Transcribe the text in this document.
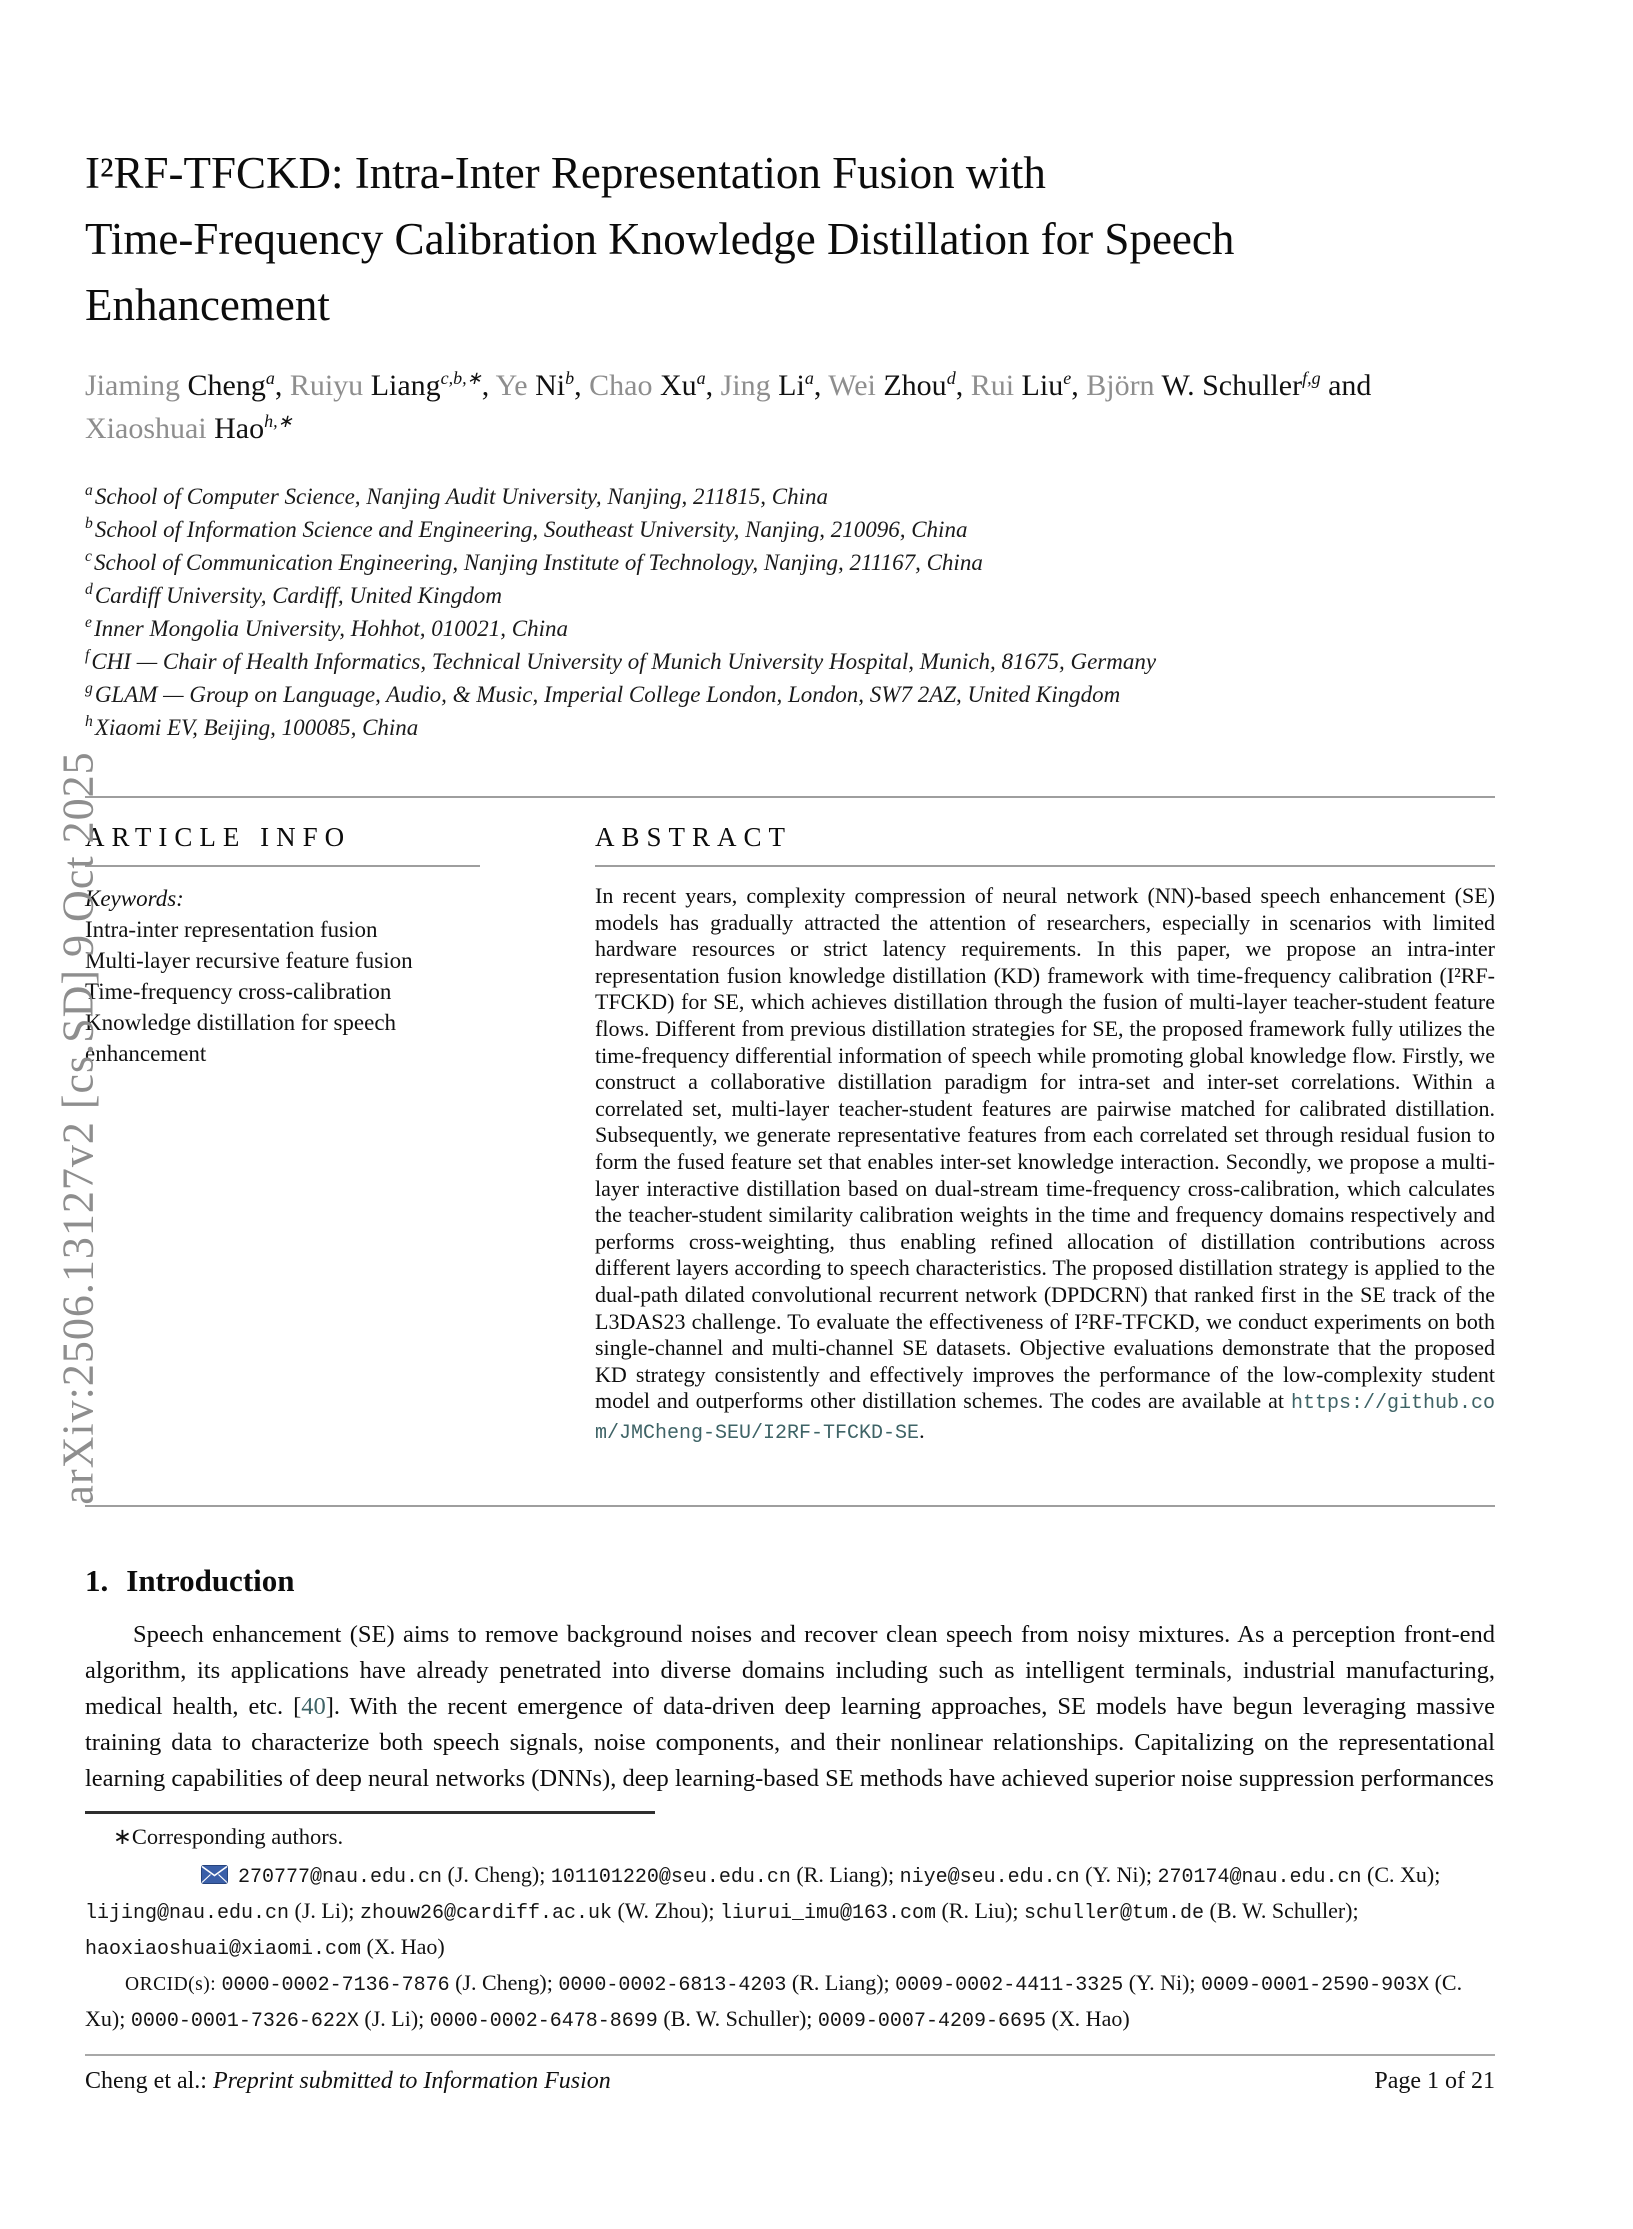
arXiv:2506.13127v2 [cs.SD] 9 Oct 2025
I²RF-TFCKD: Intra-Inter Representation Fusion with
Time-Frequency Calibration Knowledge Distillation for Speech
Enhancement

Jiaming Cheng$^a$, Ruiyu Liang$^{c,b,∗}$, Ye Ni$^b$, Chao Xu$^a$, Jing Li$^a$, Wei Zhou$^d$, Rui Liu$^e$, Björn W. Schuller$^{f,g}$ and Xiaoshuai Hao$^{h,∗}$

$^a$School of Computer Science, Nanjing Audit University, Nanjing, 211815, China
$^b$School of Information Science and Engineering, Southeast University, Nanjing, 210096, China
$^c$School of Communication Engineering, Nanjing Institute of Technology, Nanjing, 211167, China
$^d$Cardiff University, Cardiff, United Kingdom
$^e$Inner Mongolia University, Hohhot, 010021, China
$^f$CHI — Chair of Health Informatics, Technical University of Munich University Hospital, Munich, 81675, Germany
$^g$GLAM — Group on Language, Audio, & Music, Imperial College London, London, SW7 2AZ, United Kingdom
$^h$Xiaomi EV, Beijing, 100085, China
ARTICLE INFO
Keywords:
Intra-inter representation fusion
Multi-layer recursive feature fusion
Time-frequency cross-calibration
Knowledge distillation for speech enhancement
ABSTRACT

In recent years, complexity compression of neural network (NN)-based speech enhancement (SE) models has gradually attracted the attention of researchers, especially in scenarios with limited hardware resources or strict latency requirements. In this paper, we propose an intra-inter representation fusion knowledge distillation (KD) framework with time-frequency calibration (I²RF-TFCKD) for SE, which achieves distillation through the fusion of multi-layer teacher-student feature flows. Different from previous distillation strategies for SE, the proposed framework fully utilizes the time-frequency differential information of speech while promoting global knowledge flow. Firstly, we construct a collaborative distillation paradigm for intra-set and inter-set correlations. Within a correlated set, multi-layer teacher-student features are pairwise matched for calibrated distillation. Subsequently, we generate representative features from each correlated set through residual fusion to form the fused feature set that enables inter-set knowledge interaction. Secondly, we propose a multi-layer interactive distillation based on dual-stream time-frequency cross-calibration, which calculates the teacher-student similarity calibration weights in the time and frequency domains respectively and performs cross-weighting, thus enabling refined allocation of distillation contributions across different layers according to speech characteristics. The proposed distillation strategy is applied to the dual-path dilated convolutional recurrent network (DPDCRN) that ranked first in the SE track of the L3DAS23 challenge. To evaluate the effectiveness of I²RF-TFCKD, we conduct experiments on both single-channel and multi-channel SE datasets. Objective evaluations demonstrate that the proposed KD strategy consistently and effectively improves the performance of the low-complexity student model and outperforms other distillation schemes. The codes are available at https://github.com/JMCheng-SEU/I2RF-TFCKD-SE.

1. Introduction

Speech enhancement (SE) aims to remove background noises and recover clean speech from noisy mixtures. As a perception front-end algorithm, its applications have already penetrated into diverse domains including such as intelligent terminals, industrial manufacturing, medical health, etc. [40]. With the recent emergence of data-driven deep learning approaches, SE models have begun leveraging massive training data to characterize both speech signals, noise components, and their nonlinear relationships. Capitalizing on the representational learning capabilities of deep neural networks (DNNs), deep learning-based SE methods have achieved superior noise suppression performances

∗Corresponding authors.

270777@nau.edu.cn (J. Cheng); 101101220@seu.edu.cn (R. Liang); niye@seu.edu.cn (Y. Ni); 270174@nau.edu.cn (C. Xu); lijing@nau.edu.cn (J. Li); zhouw26@cardiff.ac.uk (W. Zhou); liurui_imu@163.com (R. Liu); schuller@tum.de (B. W. Schuller); haoxiaoshuai@xiaomi.com (X. Hao)

ORCID(s): 0000-0002-7136-7876 (J. Cheng); 0000-0002-6813-4203 (R. Liang); 0009-0002-4411-3325 (Y. Ni); 0009-0001-2590-903X (C. Xu); 0000-0001-7326-622X (J. Li); 0000-0002-6478-8699 (B. W. Schuller); 0009-0007-4209-6695 (X. Hao)

Cheng et al.: Preprint submitted to Information Fusion	Page 1 of 21
